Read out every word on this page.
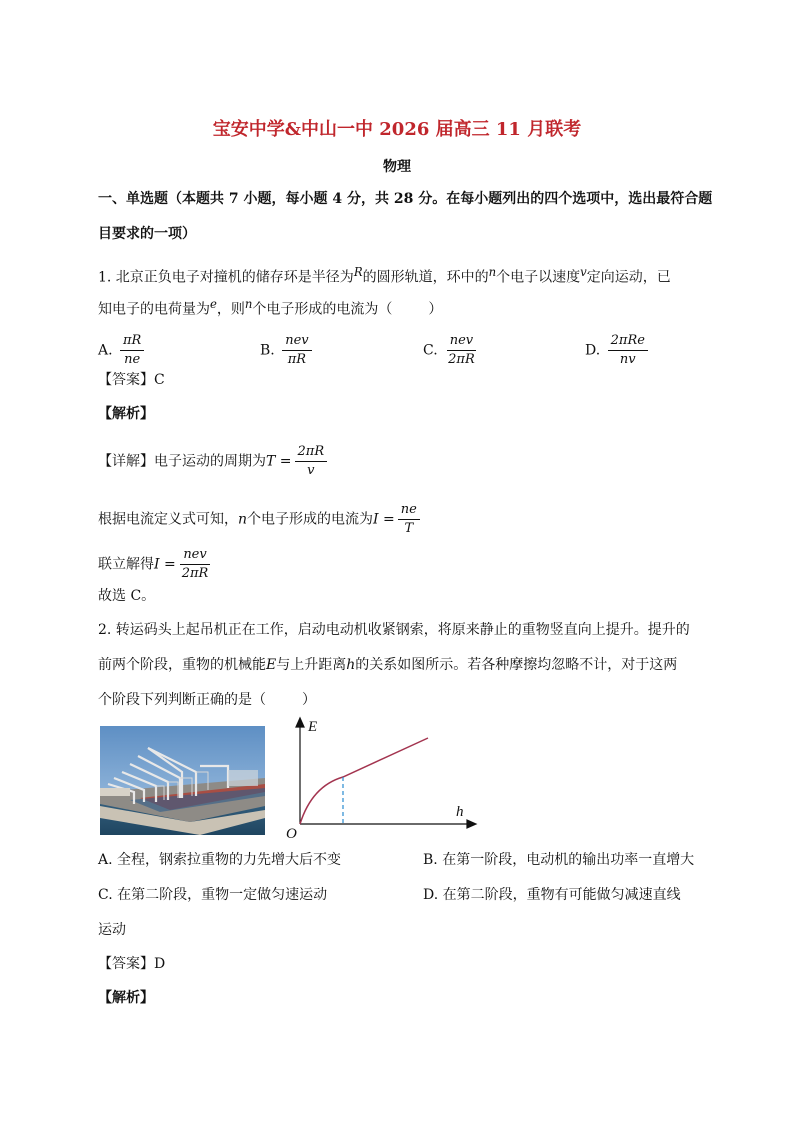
宝安中学&中山一中 2026 届高三 11 月联考
物理
一、单选题（本题共 7 小题，每小题 4 分，共 28 分。在每小题列出的四个选项中，选出最符合题
目要求的一项）
1. 北京正负电子对撞机的储存环是半径为$^R$的圆形轨道，环中的$^n$个电子以速度$^v$定向运动，已
知电子的电荷量为$^e$，则$^n$个电子形成的电流为（	）
A. $\frac{\pi R}{ne}$	B. $\frac{\text{nev}}{\pi R}$	C. $\frac{\text{nev}}{2\pi R}$	D. $\frac{\text{2πRe}}{nv}$
【答案】C
【解析】
【详解】电子运动的周期为$T = \frac{2\pi R}{v}$
根据电流定义式可知，n个电子形成的电流为$I = \frac{ne}{T}$
联立解得$I = \frac{\text{nev}}{2\pi R}$
故选 C。
2. 转运码头上起吊机正在工作，启动电动机收紧钢索，将原来静止的重物竖直向上提升。提升的
前两个阶段，重物的机械能E与上升距离h的关系如图所示。若各种摩擦均忽略不计，对于这两
个阶段下列判断正确的是（	）
E
h
O
A. 全程，钢索拉重物的力先增大后不变	B. 在第一阶段，电动机的输出功率一直增大
C. 在第二阶段，重物一定做匀速运动	D. 在第二阶段，重物有可能做匀减速直线
运动
【答案】D
【解析】
